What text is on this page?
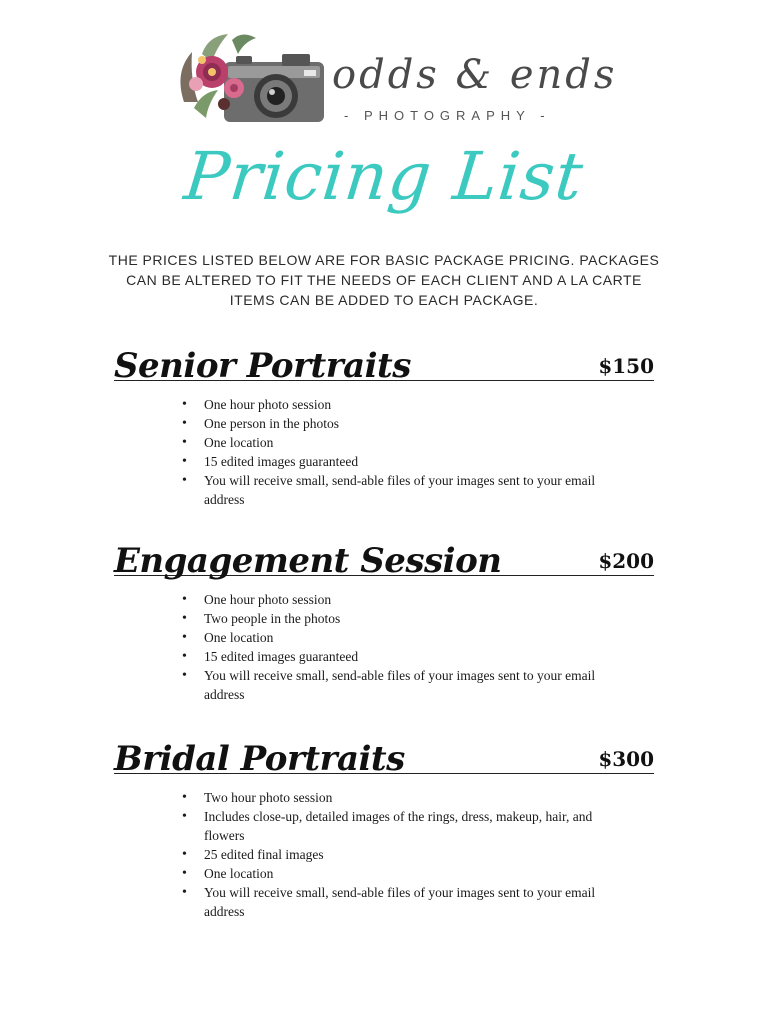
odds & ends
- PHOTOGRAPHY -
Pricing List
THE PRICES LISTED BELOW ARE FOR BASIC PACKAGE PRICING. PACKAGES CAN BE ALTERED TO FIT THE NEEDS OF EACH CLIENT AND A LA CARTE ITEMS CAN BE ADDED TO EACH PACKAGE.
Senior Portraits	$150
• One hour photo session
• One person in the photos
• One location
• 15 edited images guaranteed
• You will receive small, send-able files of your images sent to your email address
Engagement Session	$200
• One hour photo session
• Two people in the photos
• One location
• 15 edited images guaranteed
• You will receive small, send-able files of your images sent to your email address
Bridal Portraits	$300
• Two hour photo session
• Includes close-up, detailed images of the rings, dress, makeup, hair, and flowers
• 25 edited final images
• One location
• You will receive small, send-able files of your images sent to your email address
